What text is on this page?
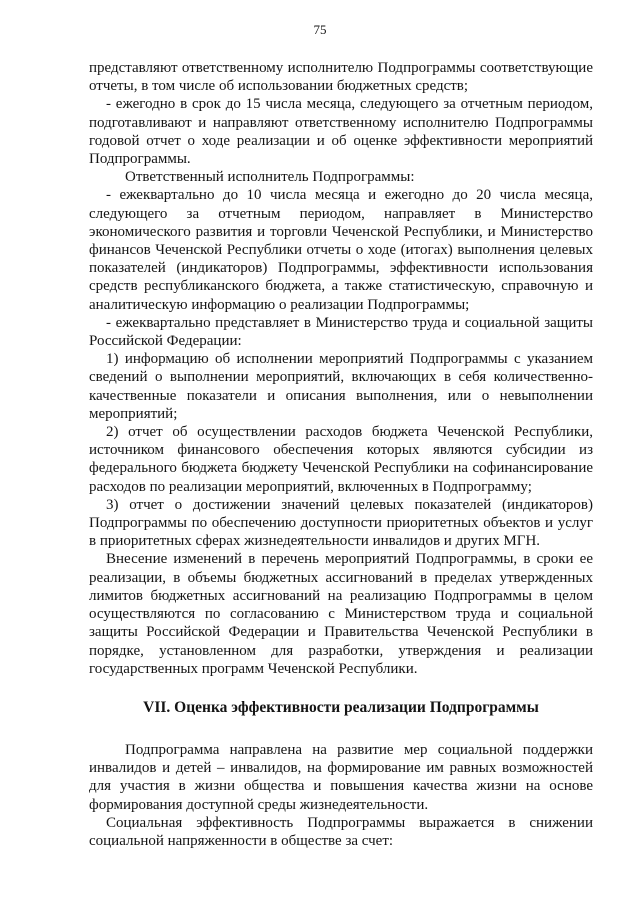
75

представляют ответственному исполнителю Подпрограммы соответствующие отчеты, в том числе об использовании бюджетных средств;

- ежегодно в срок до 15 числа месяца, следующего за отчетным периодом, подготавливают и направляют ответственному исполнителю Подпрограммы годовой отчет о ходе реализации и об оценке эффективности мероприятий Подпрограммы.

Ответственный исполнитель Подпрограммы:

- ежеквартально до 10 числа месяца и ежегодно до 20 числа месяца, следующего за отчетным периодом, направляет в Министерство экономического развития и торговли Чеченской Республики, и Министерство финансов Чеченской Республики отчеты о ходе (итогах) выполнения целевых показателей (индикаторов) Подпрограммы, эффективности использования средств республиканского бюджета, а также статистическую, справочную и аналитическую информацию о реализации Подпрограммы;

- ежеквартально представляет в Министерство труда и социальной защиты Российской Федерации:

1) информацию об исполнении мероприятий Подпрограммы с указанием сведений о выполнении мероприятий, включающих в себя количественно-качественные показатели и описания выполнения, или о невыполнении мероприятий;

2) отчет об осуществлении расходов бюджета Чеченской Республики, источником финансового обеспечения которых являются субсидии из федерального бюджета бюджету Чеченской Республики на софинансирование расходов по реализации мероприятий, включенных в Подпрограмму;

3) отчет о достижении значений целевых показателей (индикаторов) Подпрограммы по обеспечению доступности приоритетных объектов и услуг в приоритетных сферах жизнедеятельности инвалидов и других МГН.

Внесение изменений в перечень мероприятий Подпрограммы, в сроки ее реализации, в объемы бюджетных ассигнований в пределах утвержденных лимитов бюджетных ассигнований на реализацию Подпрограммы в целом осуществляются по согласованию с Министерством труда и социальной защиты Российской Федерации и Правительства Чеченской Республики в порядке, установленном для разработки, утверждения и реализации государственных программ Чеченской Республики.

VII. Оценка эффективности реализации Подпрограммы

Подпрограмма направлена на развитие мер социальной поддержки инвалидов и детей – инвалидов, на формирование им равных возможностей для участия в жизни общества и повышения качества жизни на основе формирования доступной среды жизнедеятельности.

Социальная эффективность Подпрограммы выражается в снижении социальной напряженности в обществе за счет:
